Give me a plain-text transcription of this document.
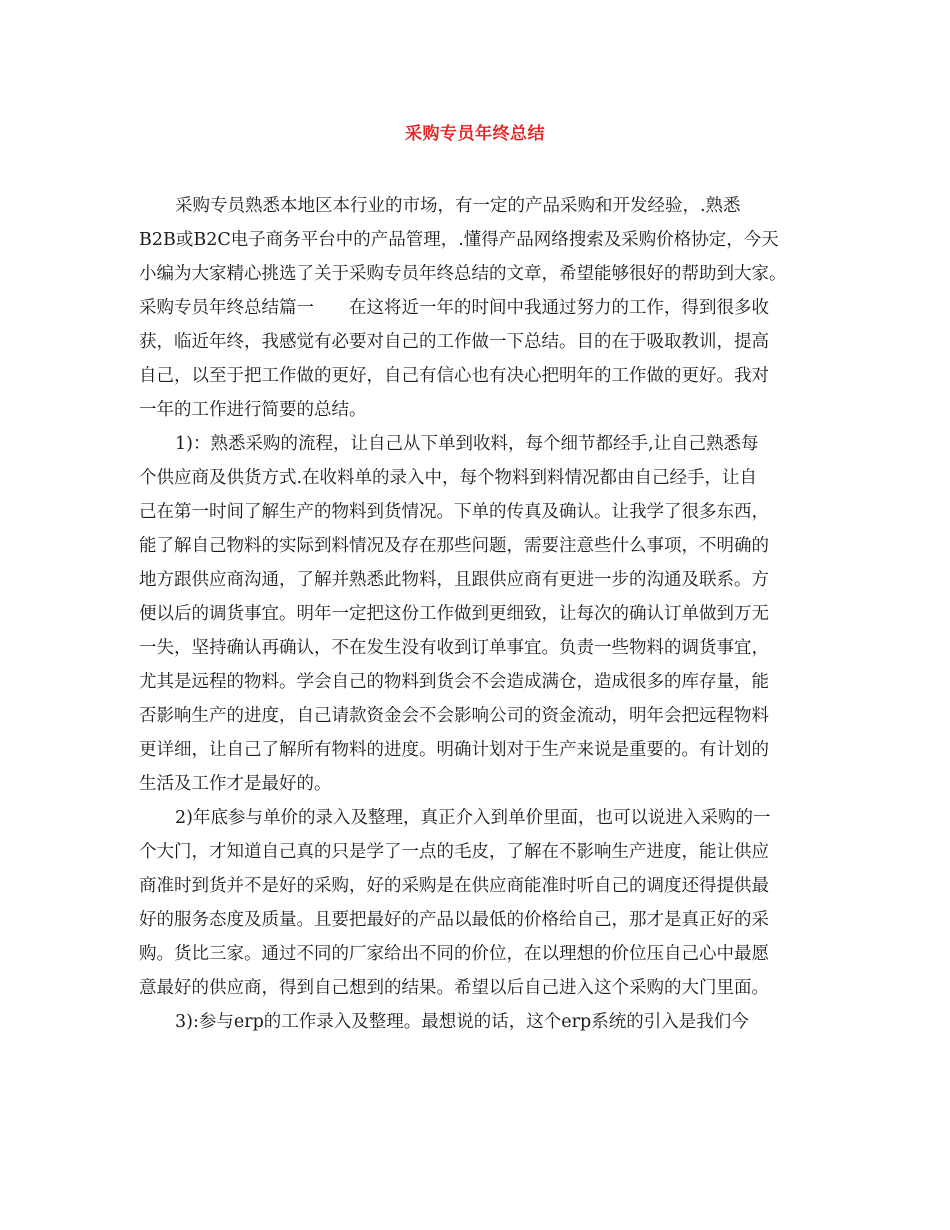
采购专员年终总结
采购专员熟悉本地区本行业的市场，有一定的产品采购和开发经验，.熟悉
B2B或B2C电子商务平台中的产品管理，.懂得产品网络搜索及采购价格协定，今天
小编为大家精心挑选了关于采购专员年终总结的文章，希望能够很好的帮助到大家。
采购专员年终总结篇一　　在这将近一年的时间中我通过努力的工作，得到很多收
获，临近年终，我感觉有必要对自己的工作做一下总结。目的在于吸取教训，提高
自己，以至于把工作做的更好，自己有信心也有决心把明年的工作做的更好。我对
一年的工作进行简要的总结。
1)：熟悉采购的流程，让自己从下单到收料，每个细节都经手,让自己熟悉每
个供应商及供货方式.在收料单的录入中，每个物料到料情况都由自己经手，让自
己在第一时间了解生产的物料到货情况。下单的传真及确认。让我学了很多东西，
能了解自己物料的实际到料情况及存在那些问题，需要注意些什么事项，不明确的
地方跟供应商沟通，了解并熟悉此物料，且跟供应商有更进一步的沟通及联系。方
便以后的调货事宜。明年一定把这份工作做到更细致，让每次的确认订单做到万无
一失，坚持确认再确认，不在发生没有收到订单事宜。负责一些物料的调货事宜，
尤其是远程的物料。学会自己的物料到货会不会造成满仓，造成很多的库存量，能
否影响生产的进度，自己请款资金会不会影响公司的资金流动，明年会把远程物料
更详细，让自己了解所有物料的进度。明确计划对于生产来说是重要的。有计划的
生活及工作才是最好的。
2)年底参与单价的录入及整理，真正介入到单价里面，也可以说进入采购的一
个大门，才知道自己真的只是学了一点的毛皮，了解在不影响生产进度，能让供应
商准时到货并不是好的采购，好的采购是在供应商能准时听自己的调度还得提供最
好的服务态度及质量。且要把最好的产品以最低的价格给自己，那才是真正好的采
购。货比三家。通过不同的厂家给出不同的价位，在以理想的价位压自己心中最愿
意最好的供应商，得到自己想到的结果。希望以后自己进入这个采购的大门里面。
3):参与erp的工作录入及整理。最想说的话，这个erp系统的引入是我们今
